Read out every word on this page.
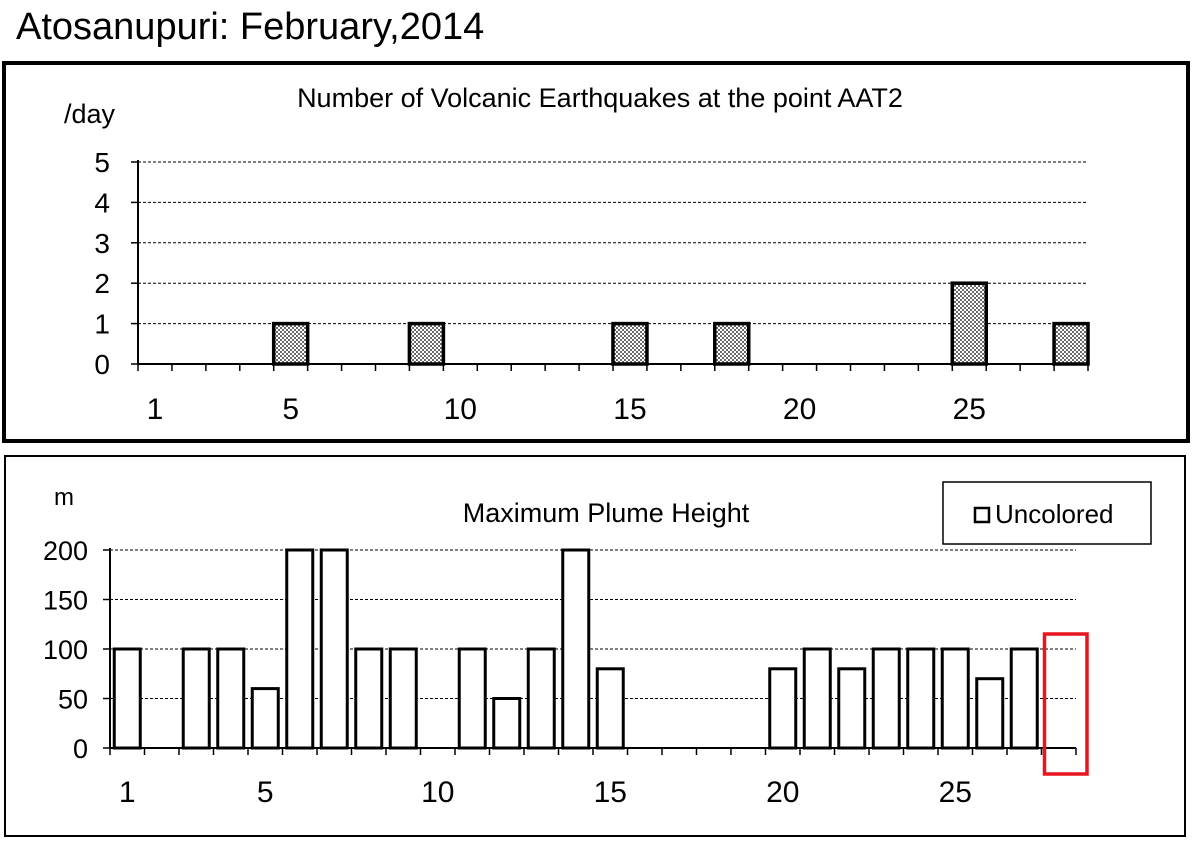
Atosanupuri: February,2014
Number of Volcanic Earthquakes at the point AAT2
/day
0
1
2
3
4
5
1	5	10	15	20	25
Maximum Plume Height
m
0
50
100
150
200
1	5	10	15	20	25
Uncolored
